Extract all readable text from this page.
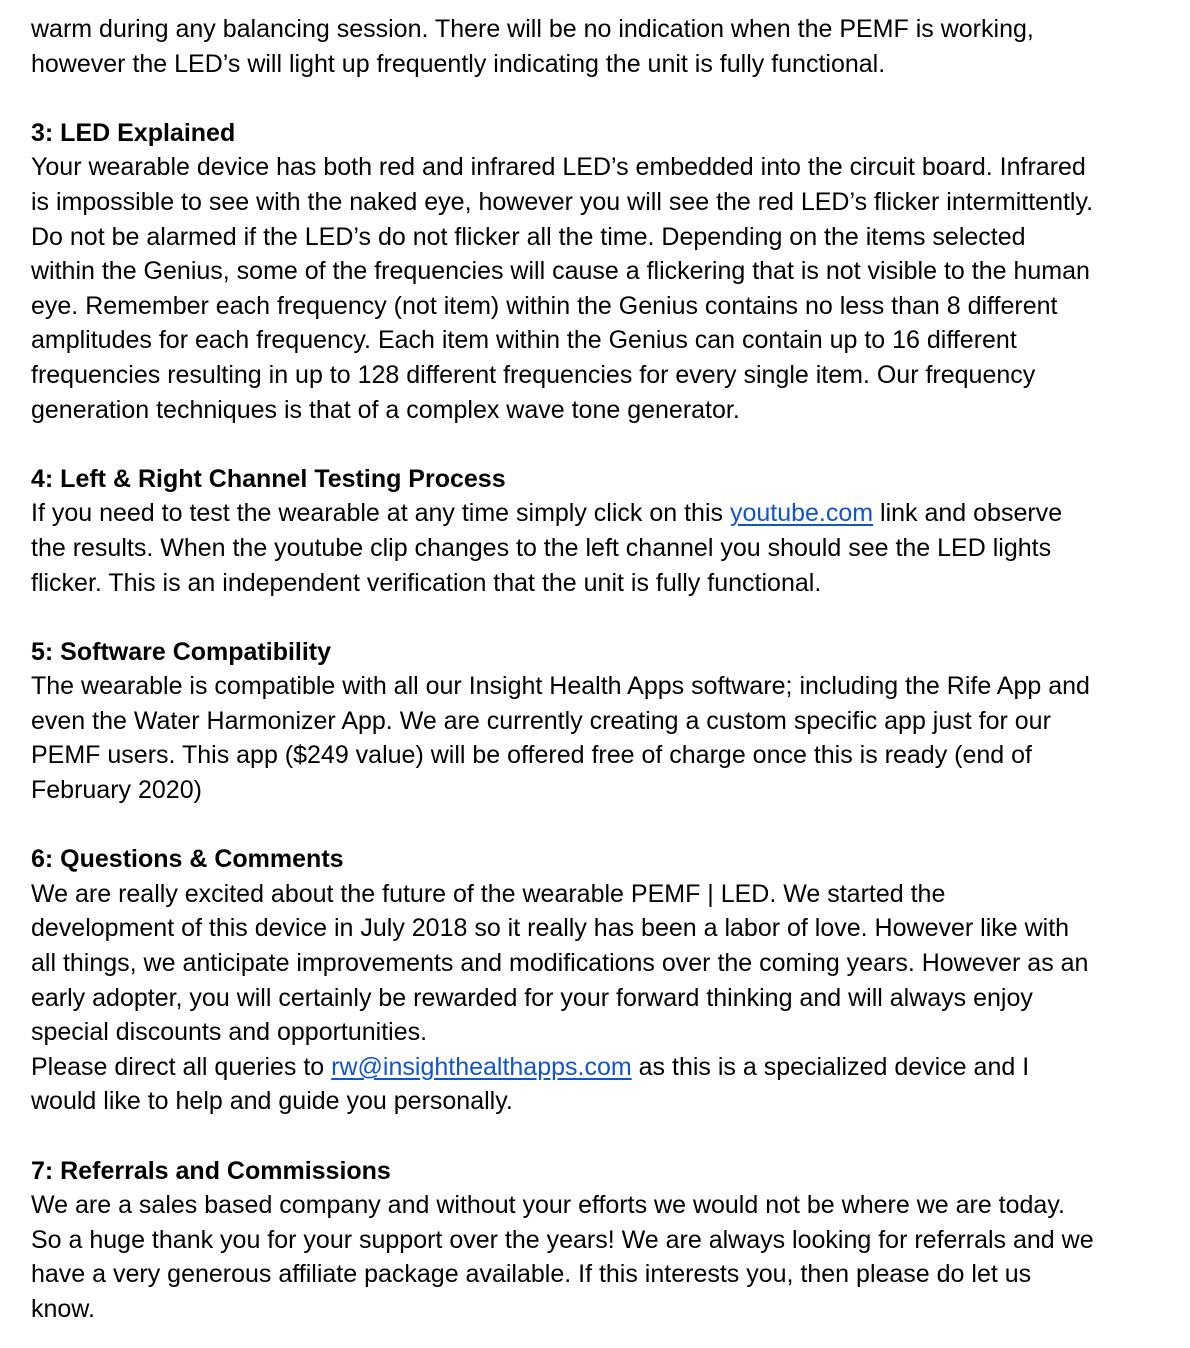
warm during any balancing session. There will be no indication when the PEMF is working,
however the LED’s will light up frequently indicating the unit is fully functional.
3: LED Explained
Your wearable device has both red and infrared LED’s embedded into the circuit board. Infrared
is impossible to see with the naked eye, however you will see the red LED’s flicker intermittently.
Do not be alarmed if the LED’s do not flicker all the time. Depending on the items selected
within the Genius, some of the frequencies will cause a flickering that is not visible to the human
eye. Remember each frequency (not item) within the Genius contains no less than 8 different
amplitudes for each frequency. Each item within the Genius can contain up to 16 different
frequencies resulting in up to 128 different frequencies for every single item. Our frequency
generation techniques is that of a complex wave tone generator.
4: Left & Right Channel Testing Process
If you need to test the wearable at any time simply click on this youtube.com link and observe
the results. When the youtube clip changes to the left channel you should see the LED lights
flicker. This is an independent verification that the unit is fully functional.
5: Software Compatibility
The wearable is compatible with all our Insight Health Apps software; including the Rife App and
even the Water Harmonizer App. We are currently creating a custom specific app just for our
PEMF users. This app ($249 value) will be offered free of charge once this is ready (end of
February 2020)
6: Questions & Comments
We are really excited about the future of the wearable PEMF | LED. We started the
development of this device in July 2018 so it really has been a labor of love. However like with
all things, we anticipate improvements and modifications over the coming years. However as an
early adopter, you will certainly be rewarded for your forward thinking and will always enjoy
special discounts and opportunities.
Please direct all queries to rw@insighthealthapps.com as this is a specialized device and I
would like to help and guide you personally.
7: Referrals and Commissions
We are a sales based company and without your efforts we would not be where we are today.
So a huge thank you for your support over the years! We are always looking for referrals and we
have a very generous affiliate package available. If this interests you, then please do let us
know.
